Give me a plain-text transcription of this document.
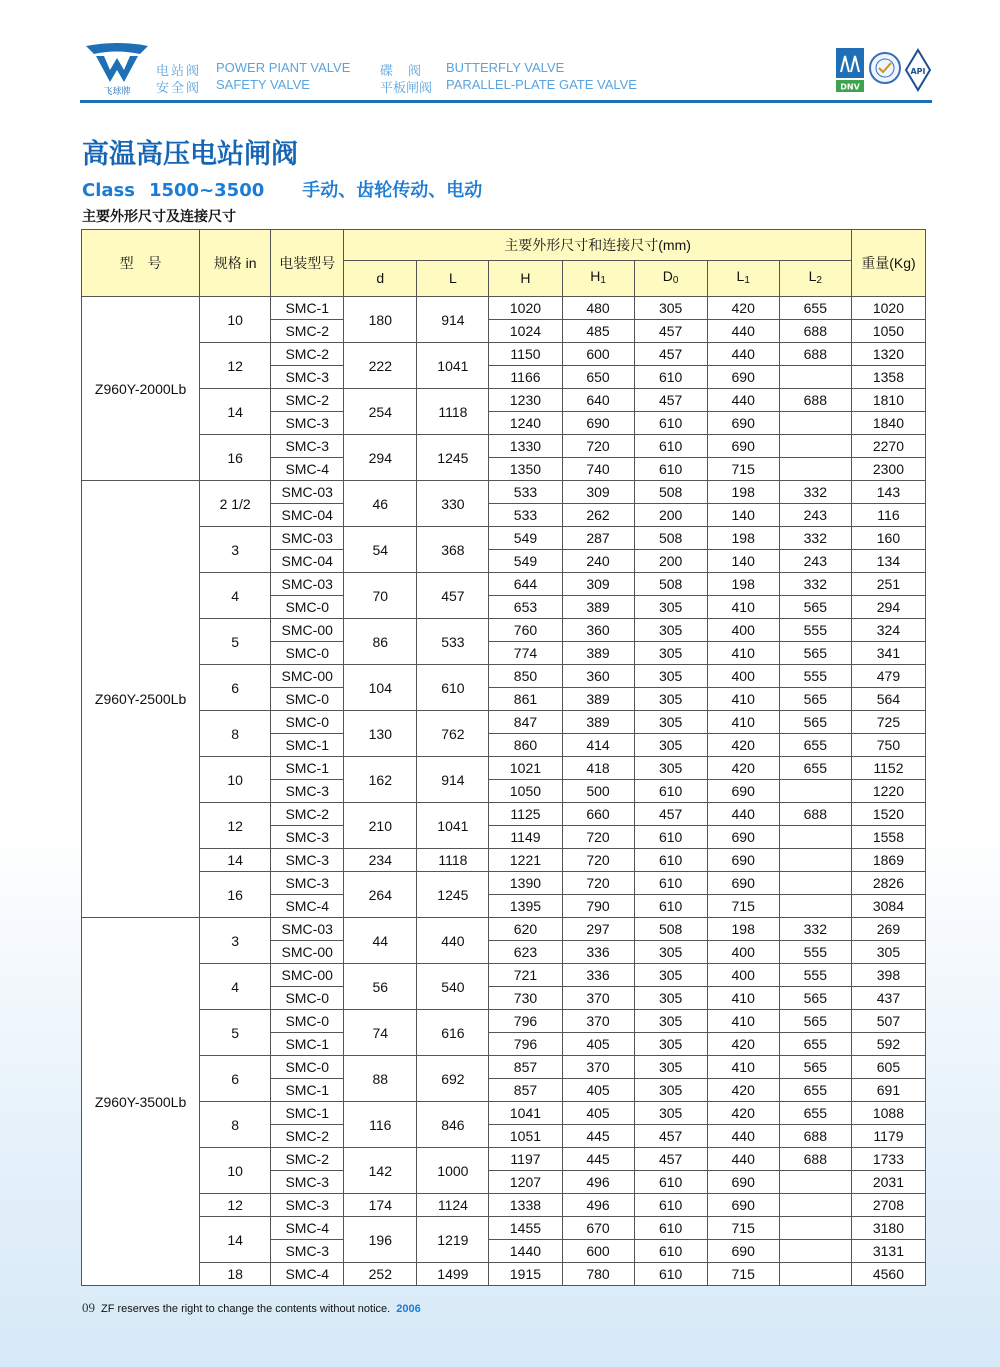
飞球牌
电站阀 POWER PIANT VALVE
安全阀 SAFETY VALVE
碟　阀 BUTTERFLY VALVE
平板闸阀 PARALLEL-PLATE GATE VALVE	DNV
API
高温高压电站闸阀
Class 1500~3500 手动、齿轮传动、电动
主要外形尺寸及连接尺寸
型　号	规格 in	电装型号	主要外形尺寸和连接尺寸(mm)							重量(Kg)
			d	L	H	H1	D0	L1	L2	
Z960Y-2000Lb	10	SMC-1	180	914	1020	480	305	420	655	1020
		SMC-2			1024	485	457	440	688	1050
	12	SMC-2	222	1041	1150	600	457	440	688	1320
		SMC-3			1166	650	610	690		1358
	14	SMC-2	254	1118	1230	640	457	440	688	1810
		SMC-3			1240	690	610	690		1840
	16	SMC-3	294	1245	1330	720	610	690		2270
		SMC-4			1350	740	610	715		2300
Z960Y-2500Lb	2 1/2	SMC-03	46	330	533	309	508	198	332	143
		SMC-04			533	262	200	140	243	116
	3	SMC-03	54	368	549	287	508	198	332	160
		SMC-04			549	240	200	140	243	134
	4	SMC-03	70	457	644	309	508	198	332	251
		SMC-0			653	389	305	410	565	294
	5	SMC-00	86	533	760	360	305	400	555	324
		SMC-0			774	389	305	410	565	341
	6	SMC-00	104	610	850	360	305	400	555	479
		SMC-0			861	389	305	410	565	564
	8	SMC-0	130	762	847	389	305	410	565	725
		SMC-1			860	414	305	420	655	750
	10	SMC-1	162	914	1021	418	305	420	655	1152
		SMC-3			1050	500	610	690		1220
	12	SMC-2	210	1041	1125	660	457	440	688	1520
		SMC-3			1149	720	610	690		1558
	14	SMC-3	234	1118	1221	720	610	690		1869
	16	SMC-3	264	1245	1390	720	610	690		2826
		SMC-4			1395	790	610	715		3084
Z960Y-3500Lb	3	SMC-03	44	440	620	297	508	198	332	269
		SMC-00			623	336	305	400	555	305
	4	SMC-00	56	540	721	336	305	400	555	398
		SMC-0			730	370	305	410	565	437
	5	SMC-0	74	616	796	370	305	410	565	507
		SMC-1			796	405	305	420	655	592
	6	SMC-0	88	692	857	370	305	410	565	605
		SMC-1			857	405	305	420	655	691
	8	SMC-1	116	846	1041	405	305	420	655	1088
		SMC-2			1051	445	457	440	688	1179
	10	SMC-2	142	1000	1197	445	457	440	688	1733
		SMC-3			1207	496	610	690		2031
	12	SMC-3	174	1124	1338	496	610	690		2708
	14	SMC-4	196	1219	1455	670	610	715		3180
		SMC-3			1440	600	610	690		3131
	18	SMC-4	252	1499	1915	780	610	715		4560
09 ZF reserves the right to change the contents without notice. 2006
